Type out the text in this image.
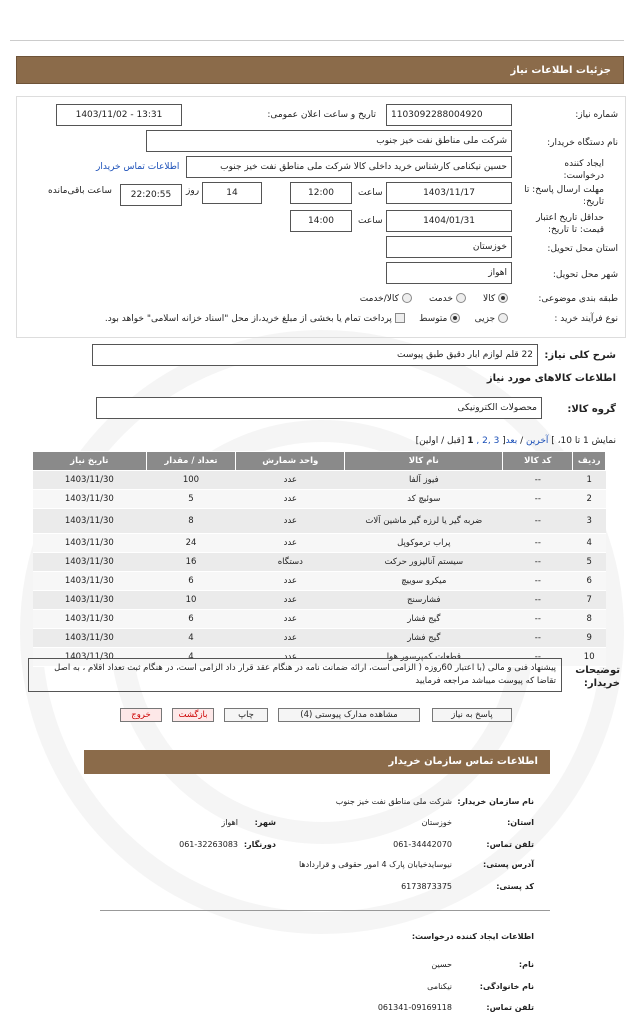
جزئیات اطلاعات نیاز
شماره نیاز:
1103092288004920
تاریخ و ساعت اعلان عمومی:
1403/11/02 - 13:31
نام دستگاه خریدار:
شرکت ملی مناطق نفت خیز جنوب
ایجاد کننده درخواست:
حسین نیکنامی کارشناس خرید داخلی کالا شرکت ملی مناطق نفت خیز جنوب
اطلاعات تماس خریدار
مهلت ارسال پاسخ: تا تاریخ:
1403/11/17
ساعت
12:00
14
روز
22:20:55
ساعت باقی‌مانده
حداقل تاریخ اعتبار قیمت: تا تاریخ:
1404/01/31
ساعت
14:00
استان محل تحویل:
خوزستان
شهر محل تحویل:
اهواز
طبقه بندی موضوعی:
کالا       خدمت       کالا/خدمت
نوع فرآیند خرید :
جزیی      متوسط      پرداخت تمام یا بخشی از مبلغ خرید،از محل "اسناد خزانه اسلامی" خواهد بود.
شرح کلی نیاز:
22 قلم لوازم ابار دقیق طبق پیوست
اطلاعات کالاهای مورد نیاز
گروه کالا:
محصولات الکترونیکی
نمایش 1 تا 10، ] آخرین / بعد[ 3 ,2 , 1 [قبل / اولین]
ردیف	کد کالا	نام کالا	واحد شمارش	تعداد / مقدار	تاریخ نیاز
1	--	فیوز آلفا	عدد	100	1403/11/30
2	--	سوئیچ کد	عدد	5	1403/11/30
3	--	ضربه گیر یا لرزه گیر ماشین آلات	عدد	8	1403/11/30
4	--	پراب ترموکوپل	عدد	24	1403/11/30
5	--	سیستم آنالیزور حرکت	دستگاه	16	1403/11/30
6	--	میکرو سوییچ	عدد	6	1403/11/30
7	--	فشارسنج	عدد	10	1403/11/30
8	--	گیج فشار	عدد	6	1403/11/30
9	--	گیج فشار	عدد	4	1403/11/30
10	--	قطعات کمپرسور هوا	عدد	4	1403/11/30
توضیحات خریدار:
پیشنهاد فنی و مالی (با اعتبار 60روزه ( الزامی است، ارائه ضمانت نامه در هنگام عقد قرار داد الزامی است، در هنگام ثبت تعداد اقلام ، به اصل تقاضا که پیوست میباشد مراجعه فرمایید
پاسخ به نیاز
مشاهده مدارک پیوستی (4)
چاپ
بازگشت
خروج
اطلاعات تماس سازمان خریدار
نام سازمان خریدار:
شرکت ملی مناطق نفت خیز جنوب
استان:
خوزستان
شهر:
اهواز
تلفن تماس:
061-34442070
دورنگار:
061-32263083
آدرس پستی:
نیوسایدخیابان پارک 4 امور حقوقی و قراردادها
کد پستی:
6173873375
اطلاعات ایجاد کننده درخواست:
نام:
حسین
نام خانوادگی:
نیکنامی
تلفن تماس:
061341-09169118
